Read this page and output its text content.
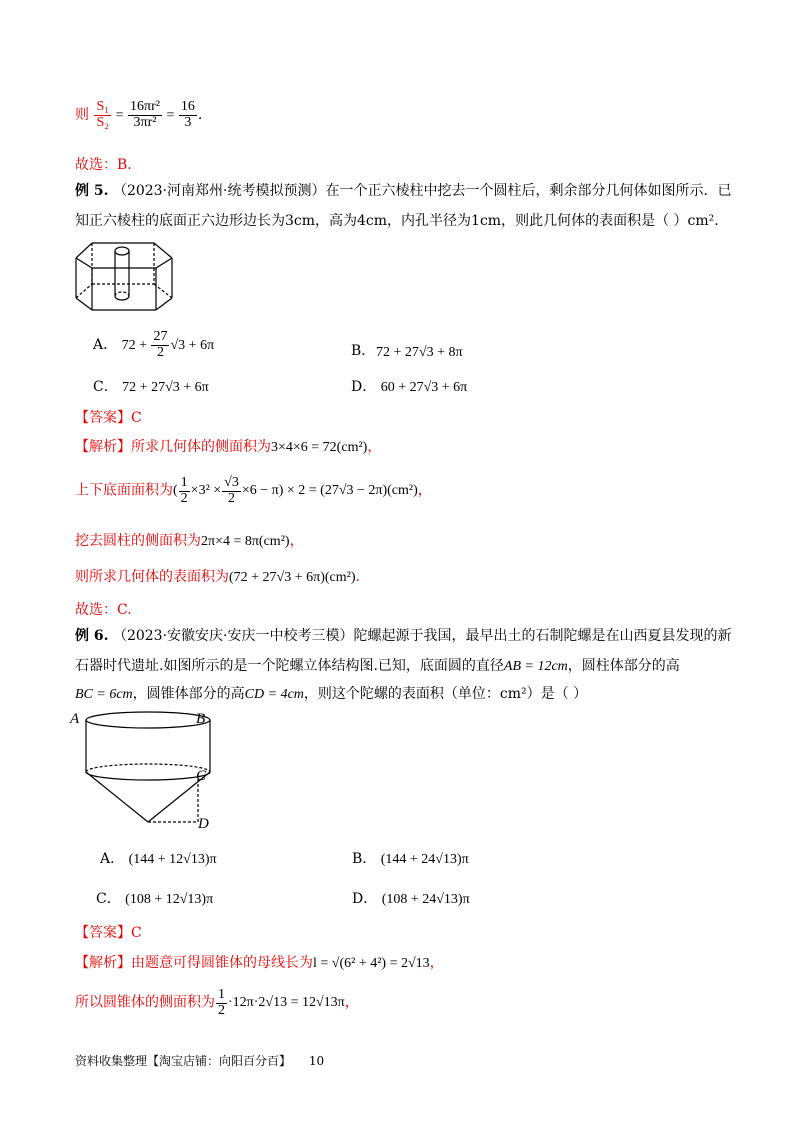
则 $\frac{\text{S₁}}{\text{S₂}} = \frac{\text{16πr²}}{\text{3πr²}} = \frac{16}{3}$ .
故选：B.
例 5. （2023·河南郑州·统考模拟预测）在一个正六棱柱中挖去一个圆柱后，剩余部分几何体如图所示．已
知正六棱柱的底面正六边形边长为3cm，高为4cm，内孔半径为1cm，则此几何体的表面积是（ ）cm².
A． $72 + \frac{27}{2} √3 + 6\pi$	B． 72 + 27√3 + 8π
C． 72 + 27√3 + 6π	D． 60 + 27√3 + 6π
【答案】C
【解析】所求几何体的侧面积为3×4×6 = 72(cm²)，
上下底面面积为( $\frac{1}{2} \times 3^2 \times \frac{√3}{2} \times 6 - \pi) \times 2 = (27√3 - 2\pi)(cm^2)$，
挖去圆柱的侧面积为2π×4 = 8π(cm²)，
则所求几何体的表面积为(72 + 27√3 + 6π)(cm²).
故选：C.
例 6. （2023·安徽安庆·安庆一中校考三模）陀螺起源于我国，最早出土的石制陀螺是在山西夏县发现的新
石器时代遗址.如图所示的是一个陀螺立体结构图.已知，底面圆的直径AB = 12cm，圆柱体部分的高
BC = 6cm，圆锥体部分的高CD = 4cm，则这个陀螺的表面积（单位：cm²）是（ ）
A	B
C
D
A． (144 + 12√13)π	B． (144 + 24√13)π
C． (108 + 12√13)π	D． (108 + 24√13)π
【答案】C
【解析】由题意可得圆锥体的母线长为l = √(6² + 4²) = 2√13，
所以圆锥体的侧面积为 $\frac{1}{2} \cdot 12\pi\cdot 2√13 = 12√13\pi$，
资料收集整理【淘宝店铺：向阳百分百】 10
